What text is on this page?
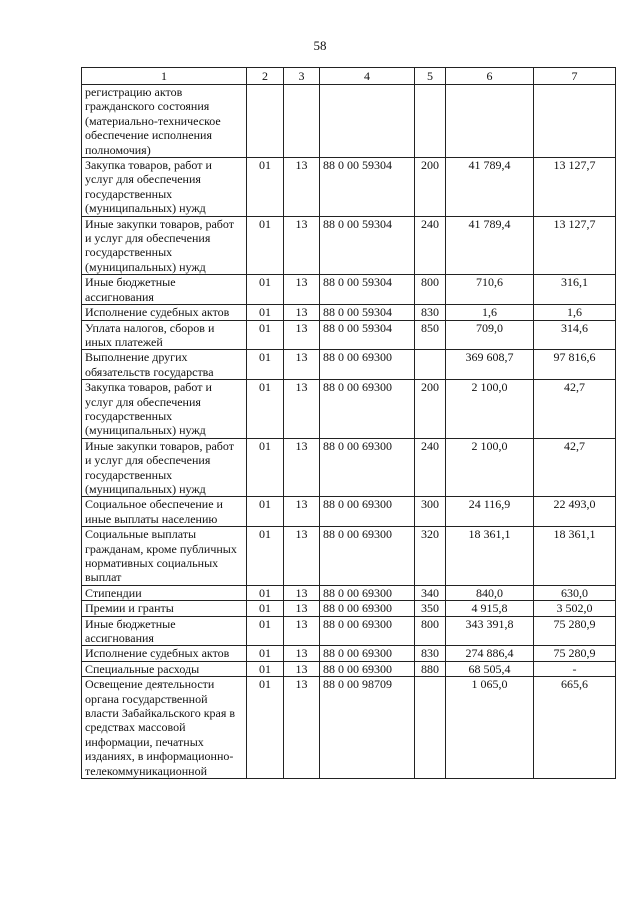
58
1	2	3	4	5	6	7
регистрацию актов гражданского состояния (материально-техническое обеспечение исполнения полномочия)						
Закупка товаров, работ и услуг для обеспечения государственных (муниципальных) нужд	01	13	88 0 00 59304	200	41 789,4	13 127,7
Иные закупки товаров, работ и услуг для обеспечения государственных (муниципальных) нужд	01	13	88 0 00 59304	240	41 789,4	13 127,7
Иные бюджетные ассигнования	01	13	88 0 00 59304	800	710,6	316,1
Исполнение судебных актов	01	13	88 0 00 59304	830	1,6	1,6
Уплата налогов, сборов и иных платежей	01	13	88 0 00 59304	850	709,0	314,6
Выполнение других обязательств государства	01	13	88 0 00 69300		369 608,7	97 816,6
Закупка товаров, работ и услуг для обеспечения государственных (муниципальных) нужд	01	13	88 0 00 69300	200	2 100,0	42,7
Иные закупки товаров, работ и услуг для обеспечения государственных (муниципальных) нужд	01	13	88 0 00 69300	240	2 100,0	42,7
Социальное обеспечение и иные выплаты населению	01	13	88 0 00 69300	300	24 116,9	22 493,0
Социальные выплаты гражданам, кроме публичных нормативных социальных выплат	01	13	88 0 00 69300	320	18 361,1	18 361,1
Стипендии	01	13	88 0 00 69300	340	840,0	630,0
Премии и гранты	01	13	88 0 00 69300	350	4 915,8	3 502,0
Иные бюджетные ассигнования	01	13	88 0 00 69300	800	343 391,8	75 280,9
Исполнение судебных актов	01	13	88 0 00 69300	830	274 886,4	75 280,9
Специальные расходы	01	13	88 0 00 69300	880	68 505,4	-
Освещение деятельности органа государственной власти Забайкальского края в средствах массовой информации, печатных изданиях, в информационно-телекоммуникационной	01	13	88 0 00 98709		1 065,0	665,6
